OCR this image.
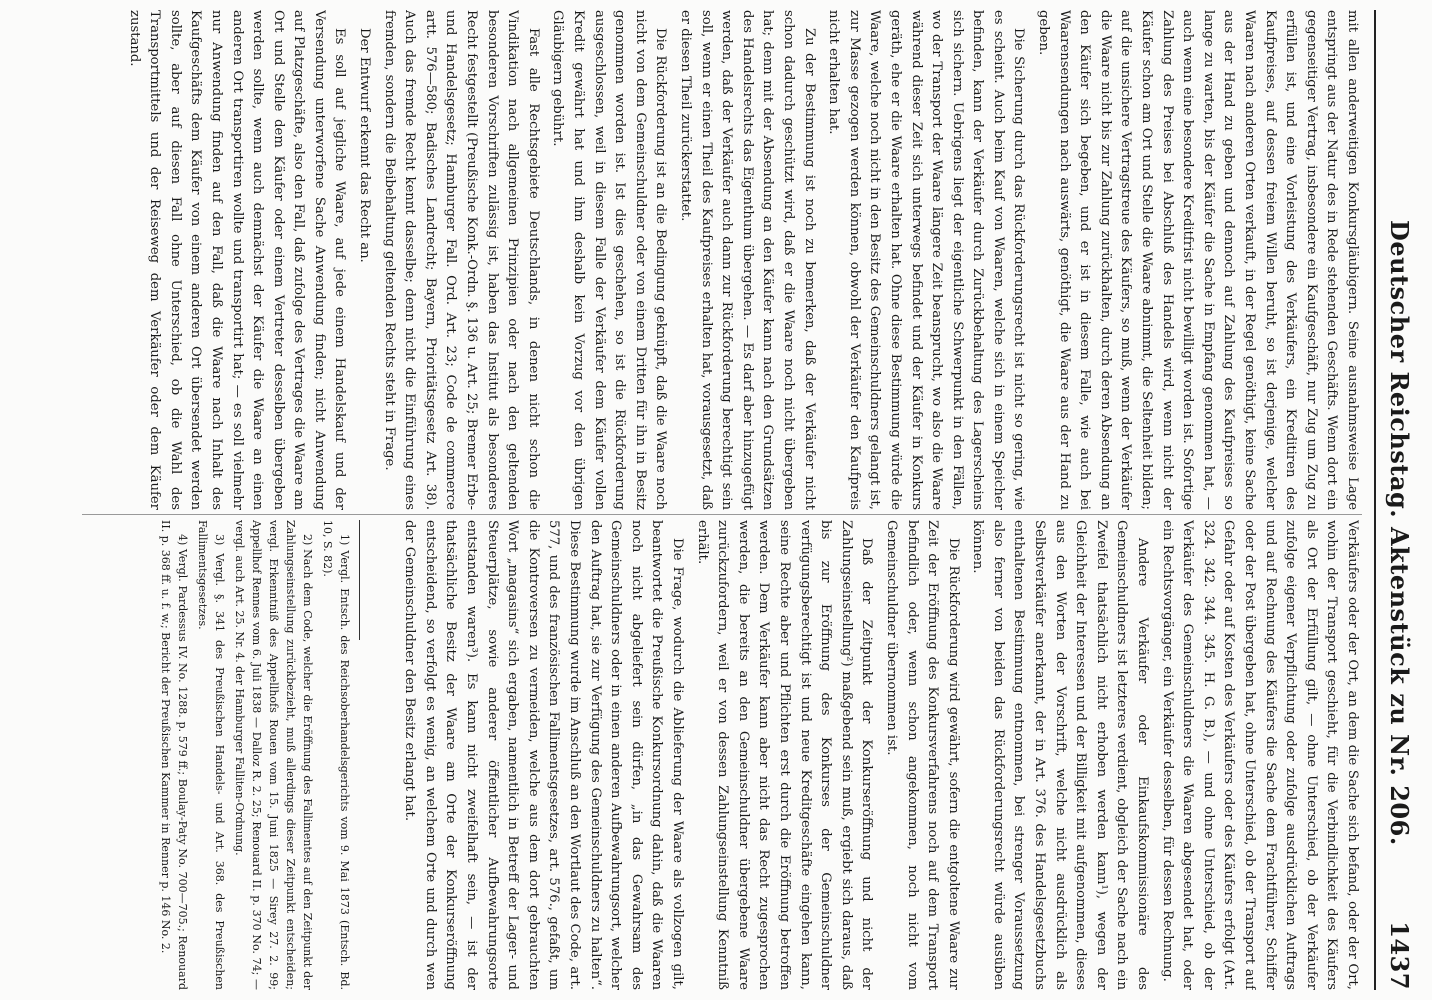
Deutscher Reichstag. Aktenstück zu Nr. 206.
1437

mit allen anderweitigen Konkursgläubigern. Seine ausnahmsweise Lage entspringt aus der Natur des in Rede stehenden Geschäfts. Wenn dort ein gegenseitiger Vertrag, insbesondere ein Kaufgeschäft, nur Zug um Zug zu erfüllen ist, und eine Vorleistung des Verkäufers, ein Kreditiren des Kaufpreises, auf dessen freiem Willen beruht, so ist derjenige, welcher Waaren nach anderen Orten verkauft, in der Regel genöthigt, keine Sache aus der Hand zu geben und dennoch auf Zahlung des Kaufpreises so lange zu warten, bis der Käufer die Sache in Empfang genommen hat, — auch wenn eine besondere Kreditfrist nicht bewilligt worden ist. Sofortige Zahlung des Preises bei Abschluß des Handels wird, wenn nicht der Käufer schon am Ort und Stelle die Waare abnimmt, die Seltenheit bilden; auf die unsichere Vertragstreue des Käufers, so muß, wenn der Verkäufer die Waare nicht bis zur Zahlung zurückhalten, durch deren Absendung an den Käufer sich begeben, und er ist in diesem Falle, wie auch bei Waarensendungen nach auswärts, genöthigt, die Waare aus der Hand zu geben.

Die Sicherung durch das Rückforderungsrecht ist nicht so gering, wie es scheint. Auch beim Kauf von Waaren, welche sich in einem Speicher befinden, kann der Verkäufer durch Zurückbehaltung des Lagerscheins sich sichern. Uebrigens liegt der eigentliche Schwerpunkt in den Fällen, wo der Transport der Waare längere Zeit beansprucht, wo also die Waare während dieser Zeit sich unterwegs befindet und der Käufer in Konkurs geräth, ehe er die Waare erhalten hat. Ohne diese Bestimmung würde die Waare, welche noch nicht in den Besitz des Gemeinschuldners gelangt ist, zur Masse gezogen werden können, obwohl der Verkäufer den Kaufpreis nicht erhalten hat.

Zu der Bestimmung ist noch zu bemerken, daß der Verkäufer nicht schon dadurch geschützt wird, daß er die Waare noch nicht übergeben hat; denn mit der Absendung an den Käufer kann nach den Grundsätzen des Handelsrechts das Eigenthum übergehen. — Es darf aber hinzugefügt werden, daß der Verkäufer auch dann zur Rückforderung berechtigt sein soll, wenn er einen Theil des Kaufpreises erhalten hat, vorausgesetzt, daß er diesen Theil zurückerstattet.

Die Rückforderung ist an die Bedingung geknüpft, daß die Waare noch nicht von dem Gemeinschuldner oder von einem Dritten für ihn in Besitz genommen worden ist. Ist dies geschehen, so ist die Rückforderung ausgeschlossen, weil in diesem Falle der Verkäufer dem Käufer vollen Kredit gewährt hat und ihm deshalb kein Vorzug vor den übrigen Gläubigern gebührt.

Fast alle Rechtsgebiete Deutschlands, in denen nicht schon die Vindikation nach allgemeinen Prinzipien oder nach den geltenden besonderen Vorschriften zulässig ist, haben das Institut als besonderes Recht festgestellt (Preußische Konk.-Ordn. §. 136 u. Art. 25; Bremer Erbe- und Handelsgesetz; Hamburger Fall. Ord. Art. 23; Code de commerce artt. 576—580; Badisches Landrecht; Bayern, Prioritätsgesetz Art. 38). Auch das fremde Recht kennt dasselbe; denn nicht die Einführung eines fremden, sondern die Beibehaltung geltenden Rechts steht in Frage.

Der Entwurf erkennt das Recht an.

Es soll auf jegliche Waare, auf jede einem Handelskauf und der Versendung unterworfene Sache Anwendung finden; nicht Anwendung auf Platzgeschäfte, also den Fall, daß zufolge des Vertrages die Waare am Ort und Stelle dem Käufer oder einem Vertreter desselben übergeben werden sollte, wenn auch demnächst der Käufer die Waare an einen anderen Ort transportiren wollte und transportirt hat; — es soll vielmehr nur Anwendung finden auf den Fall, daß die Waare nach Inhalt des Kaufgeschäfts dem Käufer von einem anderen Ort übersendet werden sollte, aber auf diesen Fall ohne Unterschied, ob die Wahl des Transportmittels und der Reiseweg dem Verkäufer oder dem Käufer zustand.

Verkäufers oder der Ort, an dem die Sache sich befand, oder der Ort, wohin der Transport geschieht, für die Verbindlichkeit des Käufers als Ort der Erfüllung gilt, — ohne Unterschied, ob der Verkäufer zufolge eigener Verpflichtung oder zufolge ausdrücklichen Auftrags und auf Rechnung des Käufers die Sache dem Frachtführer, Schiffer oder der Post übergeben hat, ohne Unterschied, ob der Transport auf Gefahr oder auf Kosten des Verkäufers oder des Käufers erfolgt (Art. 324. 342. 344. 345. H. G. B.), — und ohne Unterschied, ob der Verkäufer des Gemeinschuldners die Waaren abgesendet hat, oder ein Rechtsvorgänger, ein Verkäufer desselben, für dessen Rechnung.

Andere Verkäufer oder Einkaufskommissionäre des Gemeinschuldners ist letzteres verdient, obgleich der Sache nach ein Zweifel thatsächlich nicht erhoben werden kann¹), wegen der Gleichheit der Interessen und der Billigkeit mit aufgenommen, dieses aus den Worten der Vorschrift, welche nicht ausdrücklich als Selbstverkäufer anerkannt, der in Art. 376. des Handelsgesetzbuchs enthaltenen Bestimmung entnommen, bei strenger Voraussetzung also ferner von beiden das Rückforderungsrecht würde ausüben können.

Die Rückforderung wird gewährt, sofern die entgoltene Waare zur Zeit der Eröffnung des Konkursverfahrens noch auf dem Transport befindlich oder, wenn schon angekommen, noch nicht vom Gemeinschuldner übernommen ist.

Daß der Zeitpunkt der Konkurseröffnung und nicht der Zahlungseinstellung²) maßgebend sein muß, ergiebt sich daraus, daß bis zur Eröffnung des Konkurses der Gemeinschuldner verfügungsberechtigt ist und neue Kreditgeschäfte eingehen kann, seine Rechte aber und Pflichten erst durch die Eröffnung betroffen werden. Dem Verkäufer kann aber nicht das Recht zugesprochen werden, die bereits an den Gemeinschuldner übergebene Waare zurückzufordern, weil er von dessen Zahlungseinstellung Kenntniß erhält.

Die Frage, wodurch die Ablieferung der Waare als vollzogen gilt, beantwortet die Preußische Konkursordnung dahin, daß die Waaren noch nicht abgeliefert sein dürfen, „in das Gewahrsam des Gemeinschuldners oder in einen anderen Aufbewahrungsort, welcher den Auftrag hat, sie zur Verfügung des Gemeinschuldners zu halten“. Diese Bestimmung wurde im Anschluß an den Wortlaut des Code, art. 577, und des französischen Fallimentsgesetzes, art. 576., gefaßt, um die Kontroversen zu vermeiden, welche aus dem dort gebrauchten Wort „magasins“ sich ergaben, namentlich in Betreff der Lager- und Steuerplätze, sowie anderer öffentlicher Aufbewahrungsorte entstanden waren³). Es kann nicht zweifelhaft sein, — ist der thatsächliche Besitz der Waare am Orte der Konkurseröffnung entscheidend, so verfolgt es wenig, an welchem Orte und durch wen der Gemeinschuldner den Besitz erlangt hat.

1) Vergl. Entsch. des Reichsoberhandelsgerichts vom 9. Mai 1873 (Entsch. Bd. 10, S. 82).

2) Nach dem Code, welcher die Eröffnung des Fallimentes auf den Zeitpunkt der Zahlungseinstellung zurückbezieht, muß allerdings dieser Zeitpunkt entscheiden; vergl. Erkenntniß des Appellhofs Rouen vom 15. Juni 1825 — Sirey 27. 2. 99; Appellhof Rennes vom 6. Juli 1838 — Dalloz R. 2. 25; Renouard II. p. 370 No. 74; — vergl. auch Art. 25. Nr. 4. der Hamburger Falliten-Ordnung.

3) Vergl. §. 341 des Preußischen Handels- und Art. 368. des Preußischen Fallimentsgesetzes.

4) Vergl. Pardessus IV. No. 1288. p. 579 ff.; Boulay-Paty No. 700—705.; Renouard II. p. 368 ff. u. f. w.; Bericht der Preußischen Kammer in Renner p. 146 No. 2.
